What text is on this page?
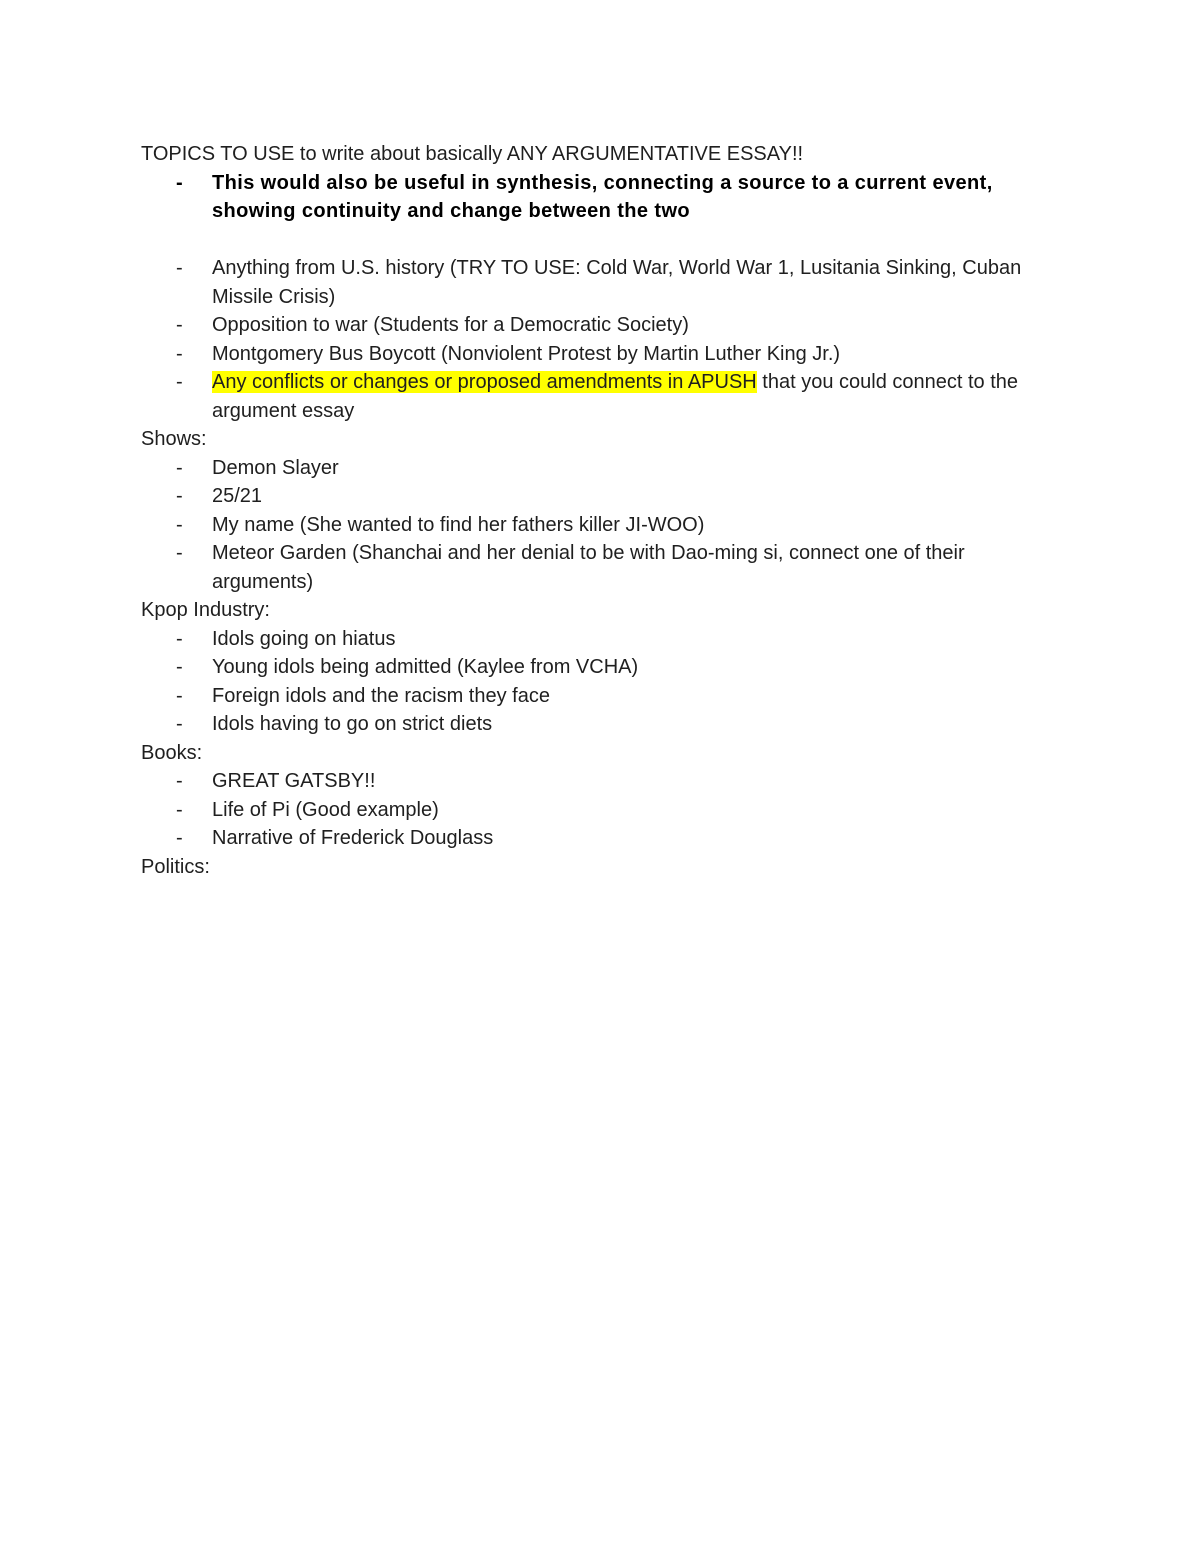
TOPICS TO USE to write about basically ANY ARGUMENTATIVE ESSAY!!

- This would also be useful in synthesis, connecting a source to a current event, showing continuity and change between the two
- Anything from U.S. history (TRY TO USE: Cold War, World War 1, Lusitania Sinking, Cuban Missile Crisis)
- Opposition to war (Students for a Democratic Society)
- Montgomery Bus Boycott (Nonviolent Protest by Martin Luther King Jr.)
- Any conflicts or changes or proposed amendments in APUSH that you could connect to the argument essay

Shows:

- Demon Slayer
- 25/21
- My name (She wanted to find her fathers killer JI-WOO)
- Meteor Garden (Shanchai and her denial to be with Dao-ming si, connect one of their arguments)

Kpop Industry:

- Idols going on hiatus
- Young idols being admitted (Kaylee from VCHA)
- Foreign idols and the racism they face
- Idols having to go on strict diets

Books:

- GREAT GATSBY!!
- Life of Pi (Good example)
- Narrative of Frederick Douglass

Politics:
